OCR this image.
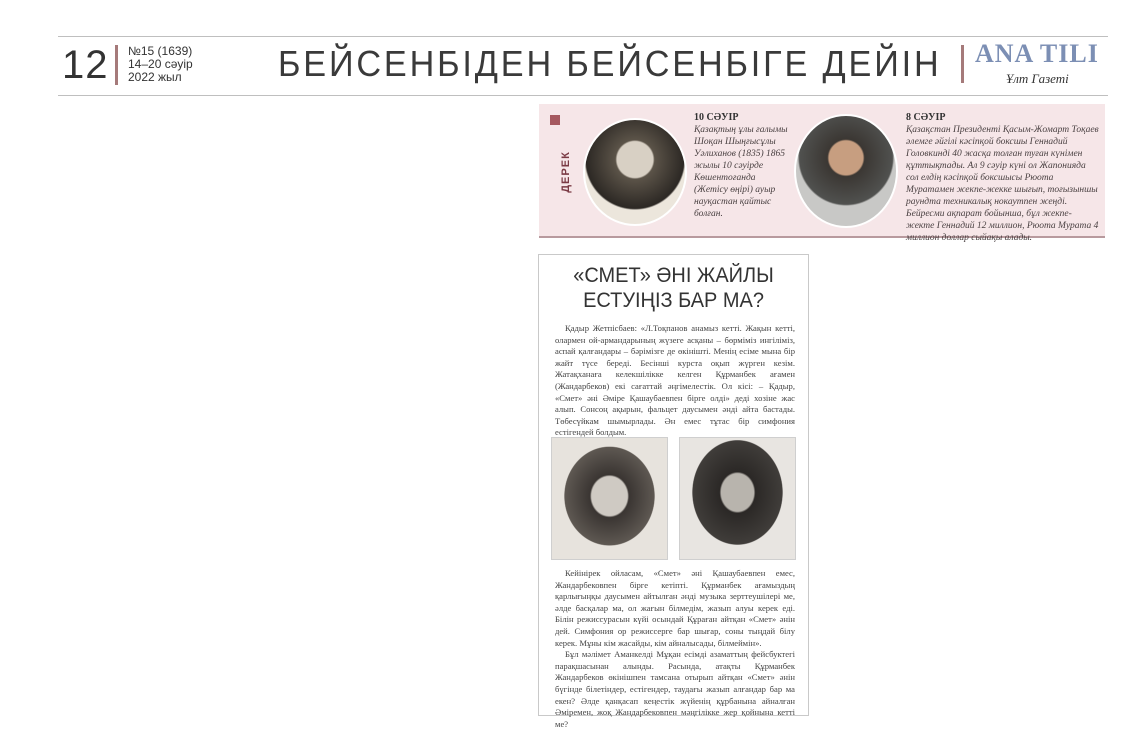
12 №15 (1639)
14–20 сәуір
2022 жыл	БЕЙСЕНБІДЕН БЕЙСЕНБІГЕ ДЕЙІН ANA TILI
Ұлт Газеті
ДЕРЕК
10 СӘУІР
Қазақтың ұлы ғалымы Шоқан Шыңғысұлы Уәлиханов (1835) 1865 жылы 10 сәуірде Көшентоғанда (Жетісу өңірі) ауыр науқастан қайтыс болған.
8 СӘУІР
Қазақстан Президенті Қасым-Жомарт Тоқаев әлемге әйгілі кәсіпқой боксшы Геннадий Головкинді 40 жасқа толған туған күнімен құттықтады. Ал 9 сәуір күні ол Жапонияда сол елдің кәсіпқой боксшысы Рюота Муратамен жекпе-жекке шығып, тоғызыншы раундта техникалық нокаутпен жеңді. Бейресми ақпарат бойынша, бұл жекпе-жекте Геннадий 12 миллион, Рюота Мурата 4 миллион доллар сыйақы алады.
«СМЕТ» ӘНІ ЖАЙЛЫ
ЕСТУІҢІЗ БАР МА?

Қадыр Жетпісбаев: «Л.Тоқпанов анамыз кетті. Жақын кетті, олармен ой-армандарының жүзеге асқаны – бөрміміз ингіліміз, аспай қалғандары – бәрімізге де өкінішті. Менің есіме мына бір жайт түсе береді. Бесінші курста оқып жүрген кезім. Жатақханаға келекшілікке келген Құрманбек ағамен (Жандарбеков) екі сағаттай әңгімелестік. Ол кісі: – Қадыр, «Смет» әні Әміре Қашаубаевпен бірге олді» деді хозіне жас алып. Сонсоң ақырын, фальцет даусымен әнді айта бастады. Төбесүйкам шымырлады. Ән емес тұтас бір симфония естігендей болдым.

Кейінірек ойласам, «Смет» әні Қашаубаевпен емес, Жандарбековпен бірге кетіпті. Құрманбек ағамыздың қарлығыңқы даусымен айтылған әнді музыка зерттеушілері ме, әлде басқалар ма, ол жағын білмедім, жазып алуы керек еді. Білін режиссурасын күйі осындай Құраған айтқан «Смет» әнін дей. Симфония ор режиссерге бар шығар, соны тыңдай білу керек. Мұны кім жасайды, кім айналысады, білмеймін».

Бұл мәлімет Аманкелді Мұқан есімді азаматтың фейсбуктегі парақшасынан алынды. Расында, атақты Құрманбек Жандарбеков өкінішпен тамсана отырып айтқан «Смет» әнін бүгінде білетіндер, естігендер, таудағы жазып алғандар бар ма екен? Әлде қанқасап кеңестік жүйенің құрбанына айналған Әміремен, жоқ Жандарбековпен мәңгілікке жер қойнына кетті ме?
